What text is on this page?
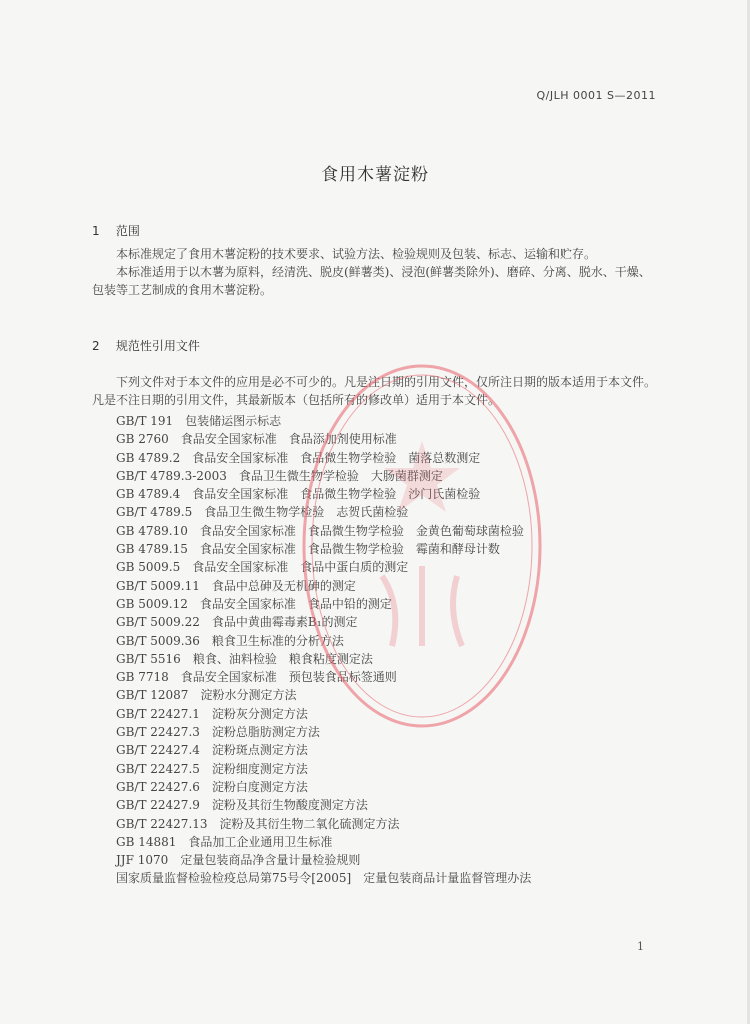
Q/JLH 0001 S—2011
食用木薯淀粉
1 范围

本标准规定了食用木薯淀粉的技术要求、试验方法、检验规则及包装、标志、运输和贮存。

本标准适用于以木薯为原料，经清洗、脱皮(鲜薯类)、浸泡(鲜薯类除外)、磨碎、分离、脱水、干燥、包装等工艺制成的食用木薯淀粉。

2 规范性引用文件

下列文件对于本文件的应用是必不可少的。凡是注日期的引用文件，仅所注日期的版本适用于本文件。凡是不注日期的引用文件，其最新版本（包括所有的修改单）适用于本文件。

GB/T 191 包装储运图示标志
GB 2760 食品安全国家标准　食品添加剂使用标准
GB 4789.2 食品安全国家标准　食品微生物学检验　菌落总数测定
GB/T 4789.3-2003 食品卫生微生物学检验　大肠菌群测定
GB 4789.4 食品安全国家标准　食品微生物学检验　沙门氏菌检验
GB/T 4789.5 食品卫生微生物学检验　志贺氏菌检验
GB 4789.10 食品安全国家标准　食品微生物学检验　金黄色葡萄球菌检验
GB 4789.15 食品安全国家标准　食品微生物学检验　霉菌和酵母计数
GB 5009.5 食品安全国家标准　食品中蛋白质的测定
GB/T 5009.11 食品中总砷及无机砷的测定
GB 5009.12 食品安全国家标准　食品中铅的测定
GB/T 5009.22 食品中黄曲霉毒素B₁的测定
GB/T 5009.36 粮食卫生标准的分析方法
GB/T 5516 粮食、油料检验　粮食粘度测定法
GB 7718 食品安全国家标准　预包装食品标签通则
GB/T 12087 淀粉水分测定方法
GB/T 22427.1 淀粉灰分测定方法
GB/T 22427.3 淀粉总脂肪测定方法
GB/T 22427.4 淀粉斑点测定方法
GB/T 22427.5 淀粉细度测定方法
GB/T 22427.6 淀粉白度测定方法
GB/T 22427.9 淀粉及其衍生物酸度测定方法
GB/T 22427.13 淀粉及其衍生物二氧化硫测定方法
GB 14881 食品加工企业通用卫生标准
JJF 1070 定量包装商品净含量计量检验规则
国家质量监督检验检疫总局第75号令[2005] 定量包装商品计量监督管理办法
1
